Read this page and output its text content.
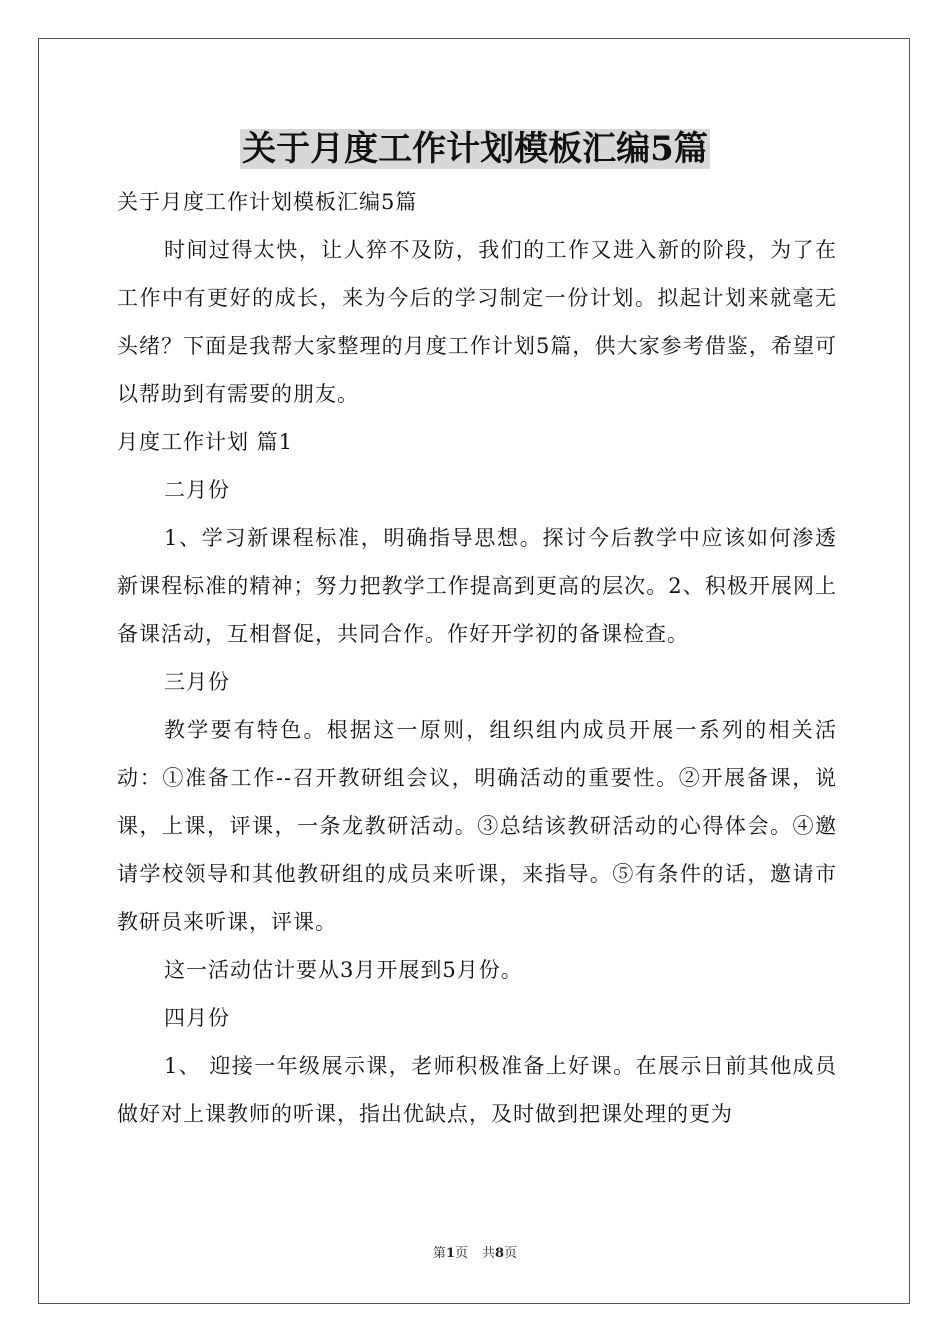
关于月度工作计划模板汇编5篇

关于月度工作计划模板汇编5篇

时间过得太快，让人猝不及防，我们的工作又进入新的阶段，为了在工作中有更好的成长，来为今后的学习制定一份计划。拟起计划来就毫无头绪？下面是我帮大家整理的月度工作计划5篇，供大家参考借鉴，希望可以帮助到有需要的朋友。

月度工作计划 篇1

二月份

1、学习新课程标准，明确指导思想。探讨今后教学中应该如何渗透新课程标准的精神；努力把教学工作提高到更高的层次。2、积极开展网上备课活动，互相督促，共同合作。作好开学初的备课检查。

三月份

教学要有特色。根据这一原则，组织组内成员开展一系列的相关活动：①准备工作--召开教研组会议，明确活动的重要性。②开展备课，说课，上课，评课，一条龙教研活动。③总结该教研活动的心得体会。④邀请学校领导和其他教研组的成员来听课，来指导。⑤有条件的话，邀请市教研员来听课，评课。

这一活动估计要从3月开展到5月份。

四月份

1、 迎接一年级展示课，老师积极准备上好课。在展示日前其他成员做好对上课教师的听课，指出优缺点，及时做到把课处理的更为

第1页 共8页
